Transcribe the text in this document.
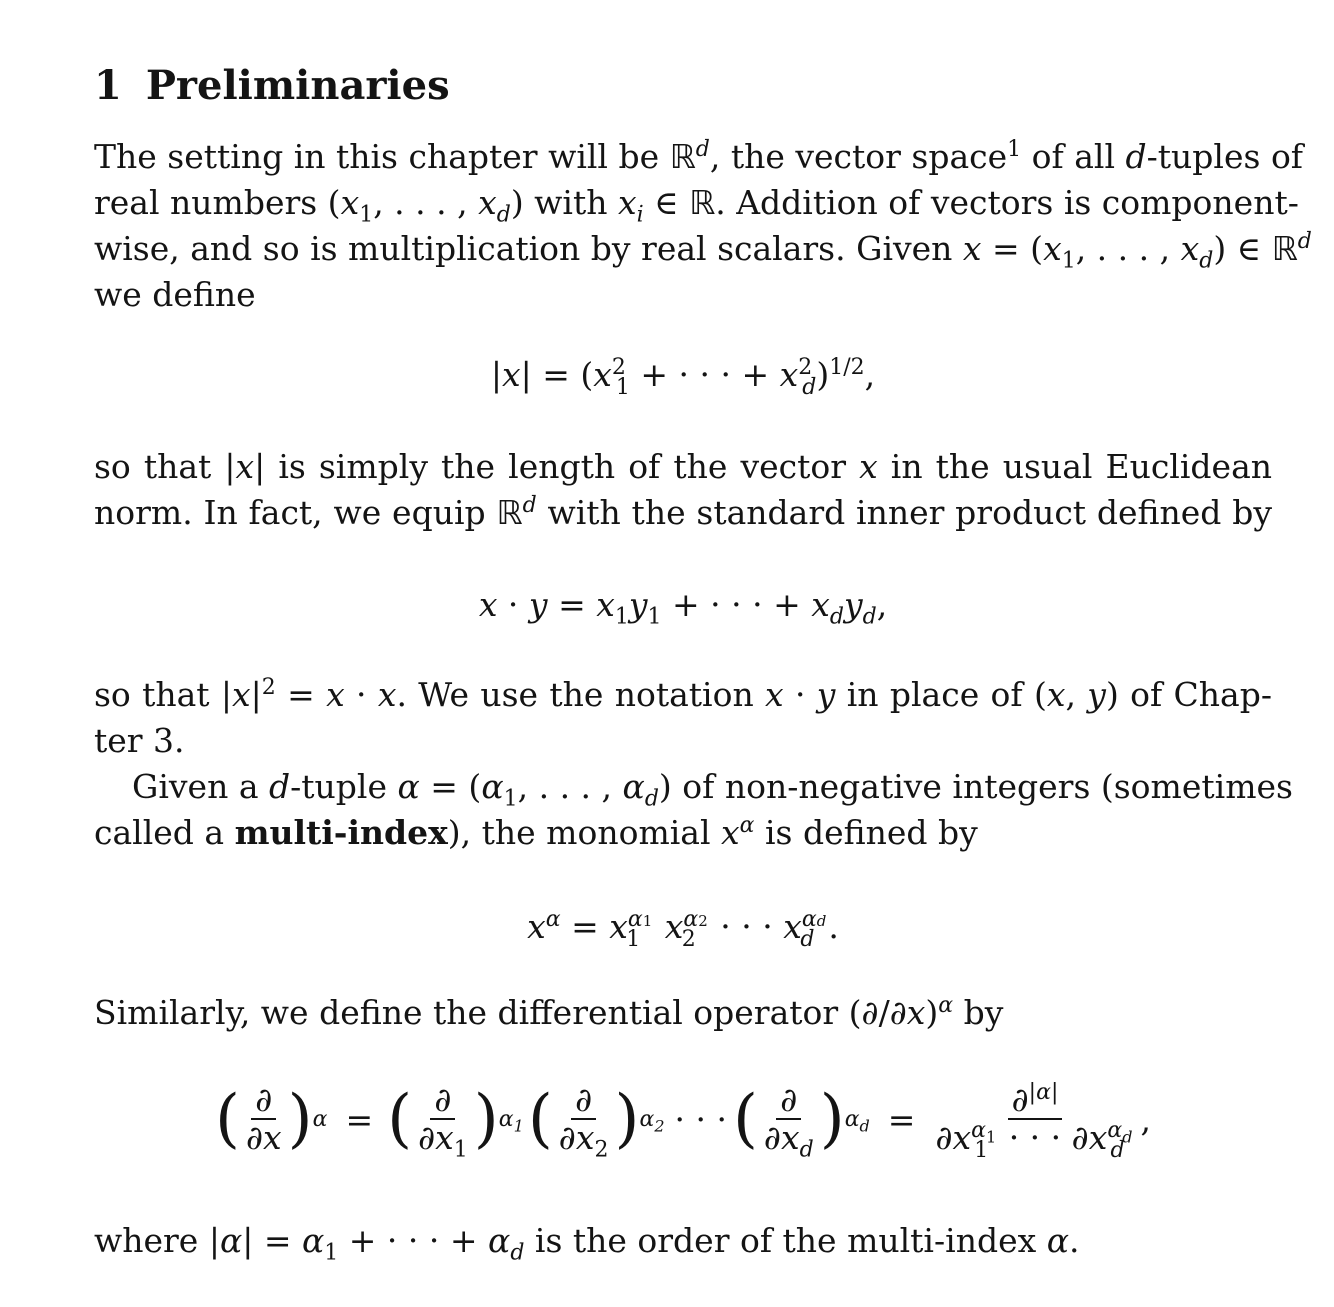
1 Preliminaries
The setting in this chapter will be ℝ$^d$, the vector space$^1$ of all d-tuples of
real numbers ($x_1$, . . . , $x_d$) with $x_i$ ∈ ℝ. Addition of vectors is component-
wise, and so is multiplication by real scalars. Given $x = (x_1$, . . . , $x_d$) ∈ ℝ$^d$
we define
$|x| = (x^2_1$ + · · · + $x^2_d)^{1/2}$,
so that |x| is simply the length of the vector x in the usual Euclidean
norm. In fact, we equip ℝ$^d$ with the standard inner product defined by
$x \cdot y = x_1y_1$ + · · · + $x_dy_d$,
so that $|x|^2 = x \cdot x$. We use the notation x · y in place of (x, y) of Chap-
ter 3.
Given a d-tuple $\alpha = (\alpha_1$, . . . , $\alpha_d$) of non-negative integers (sometimes
called a multi-index), the monomial $x^\alpha$ is defined by
$x^\alpha = x^{\alpha 1}_1$ $x^{\alpha 2}_2$ · · · $x^{\alpha d}_d$ .
Similarly, we define the differential operator $(\partial/\partial x)^\alpha$ by
( $\frac{\partial}{\partial x}$ ) α = ( $\frac{\partial}{\partial x_1}$ ) $\alpha_1$ ( $\frac{\partial}{\partial x_2}$ ) $\alpha_2$ · · · ( $\frac{\partial}{\partial x_d}$ ) $\alpha_d = \frac{\partial^{|\alpha|}}{\partial x^{\alpha_1}_1 \cdot \cdot \cdot \partial x^{\alpha_d}_d}$ ,
where $|\alpha| = \alpha_1$ + · · · + $\alpha_d$ is the order of the multi-index α.
